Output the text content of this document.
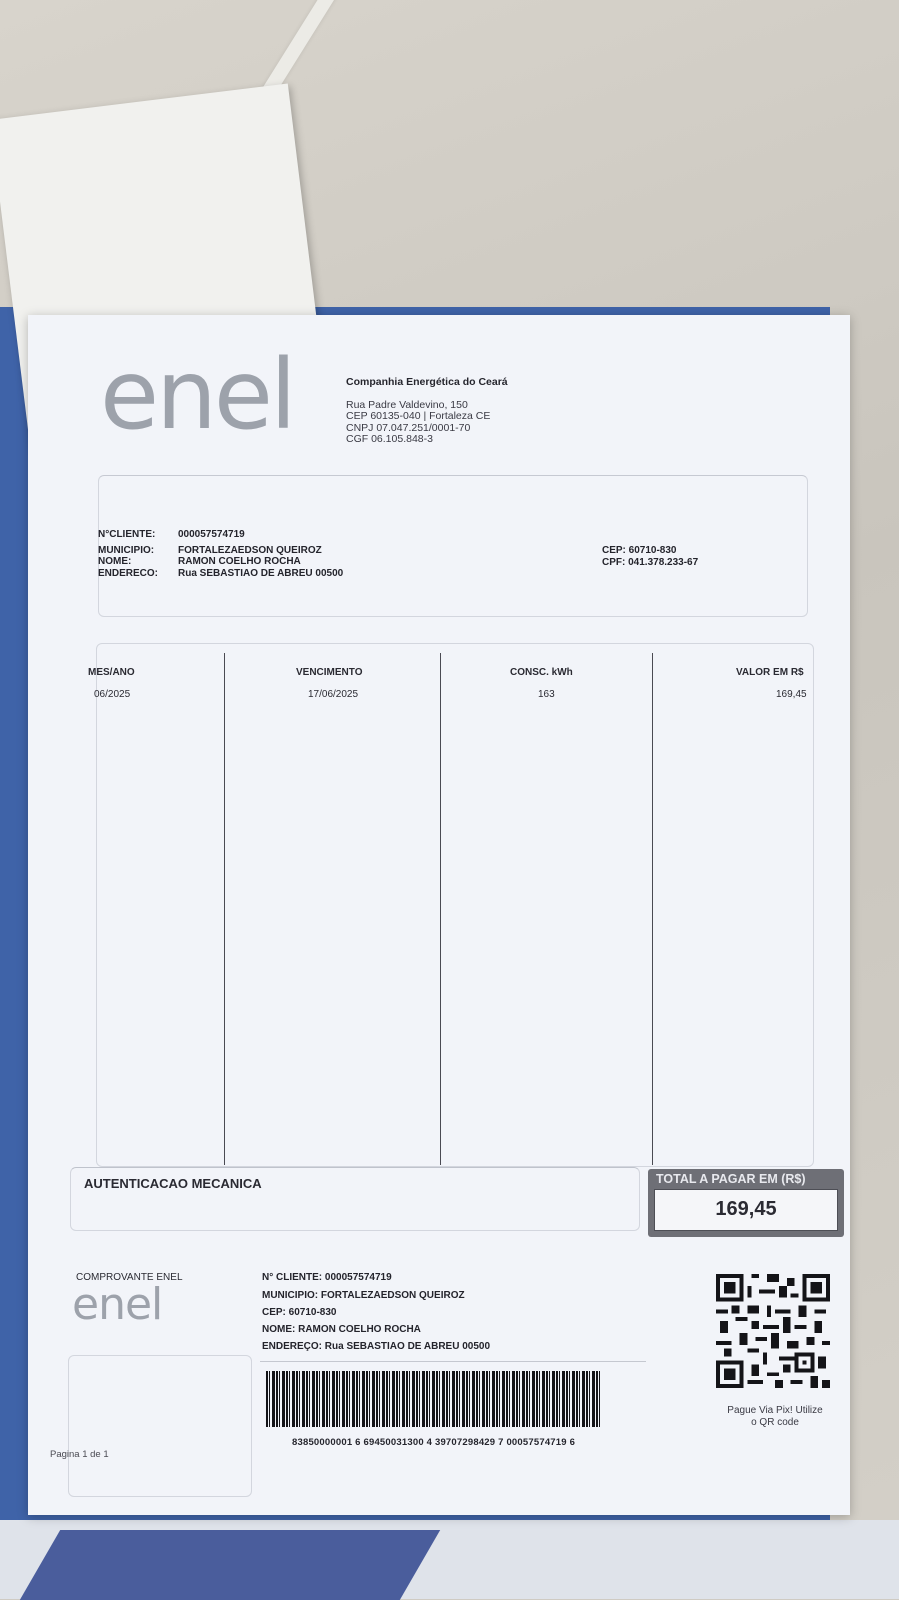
enel	Companhia Energética do Ceará
Rua Padre Valdevino, 150
CEP 60135-040 | Fortaleza CE
CNPJ 07.047.251/0001-70
CGF 06.105.848-3
N°CLIENTE: 000057574719
MUNICIPIO: FORTALEZAEDSON QUEIROZ
NOME:	RAMON COELHO ROCHA
ENDERECO: Rua SEBASTIAO DE ABREU 00500
CEP: 60710-830
CPF: 041.378.233-67
MES/ANO	VENCIMENTO	CONSC. kWh	VALOR EM R$
06/2025	17/06/2025	163	169,45
AUTENTICACAO MECANICA	TOTAL A PAGAR EM (R$)
169,45
COMPROVANTE ENEL
enel
N° CLIENTE: 000057574719
MUNICIPIO: FORTALEZAEDSON QUEIROZ
CEP: 60710-830
NOME: RAMON COELHO ROCHA
ENDEREÇO: Rua SEBASTIAO DE ABREU 00500
83850000001 6 69450031300 4 39707298429 7 00057574719 6
Pague Via Pix! Utilize
o QR code
Pagina 1 de 1
